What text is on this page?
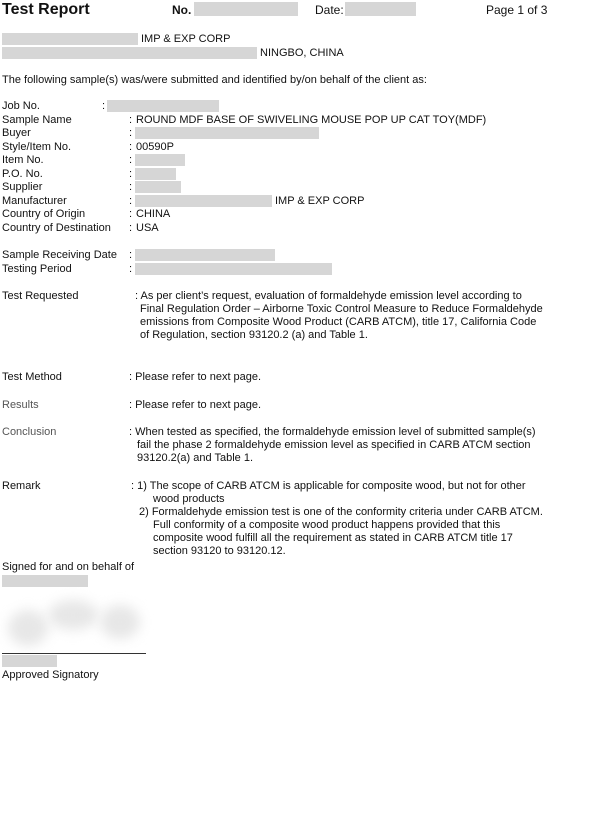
Test Report	No.	Date:	Page 1 of 3
IMP & EXP CORP
NINGBO, CHINA
The following sample(s) was/were submitted and identified by/on behalf of the client as:
Job No.	:
Sample Name	: ROUND MDF BASE OF SWIVELING MOUSE POP UP CAT TOY(MDF)
Buyer	:
Style/Item No.	: 00590P
Item No.	:
P.O. No.	:
Supplier	:
Manufacturer	:	IMP & EXP CORP
Country of Origin	: CHINA
Country of Destination : USA
Sample Receiving Date :
Testing Period	:
Test Requested	: As per client’s request, evaluation of formaldehyde emission level according to
Final Regulation Order – Airborne Toxic Control Measure to Reduce Formaldehyde
emissions from Composite Wood Product (CARB ATCM), title 17, California Code
of Regulation, section 93120.2 (a) and Table 1.
Test Method	: Please refer to next page.
Results	: Please refer to next page.
Conclusion	: When tested as specified, the formaldehyde emission level of submitted sample(s)
fail the phase 2 formaldehyde emission level as specified in CARB ATCM section
93120.2(a) and Table 1.
Remark	: 1) The scope of CARB ATCM is applicable for composite wood, but not for other
wood products
2) Formaldehyde emission test is one of the conformity criteria under CARB ATCM.
Full conformity of a composite wood product happens provided that this
composite wood fulfill all the requirement as stated in CARB ATCM title 17
section 93120 to 93120.12.
Signed for and on behalf of
Approved Signatory
